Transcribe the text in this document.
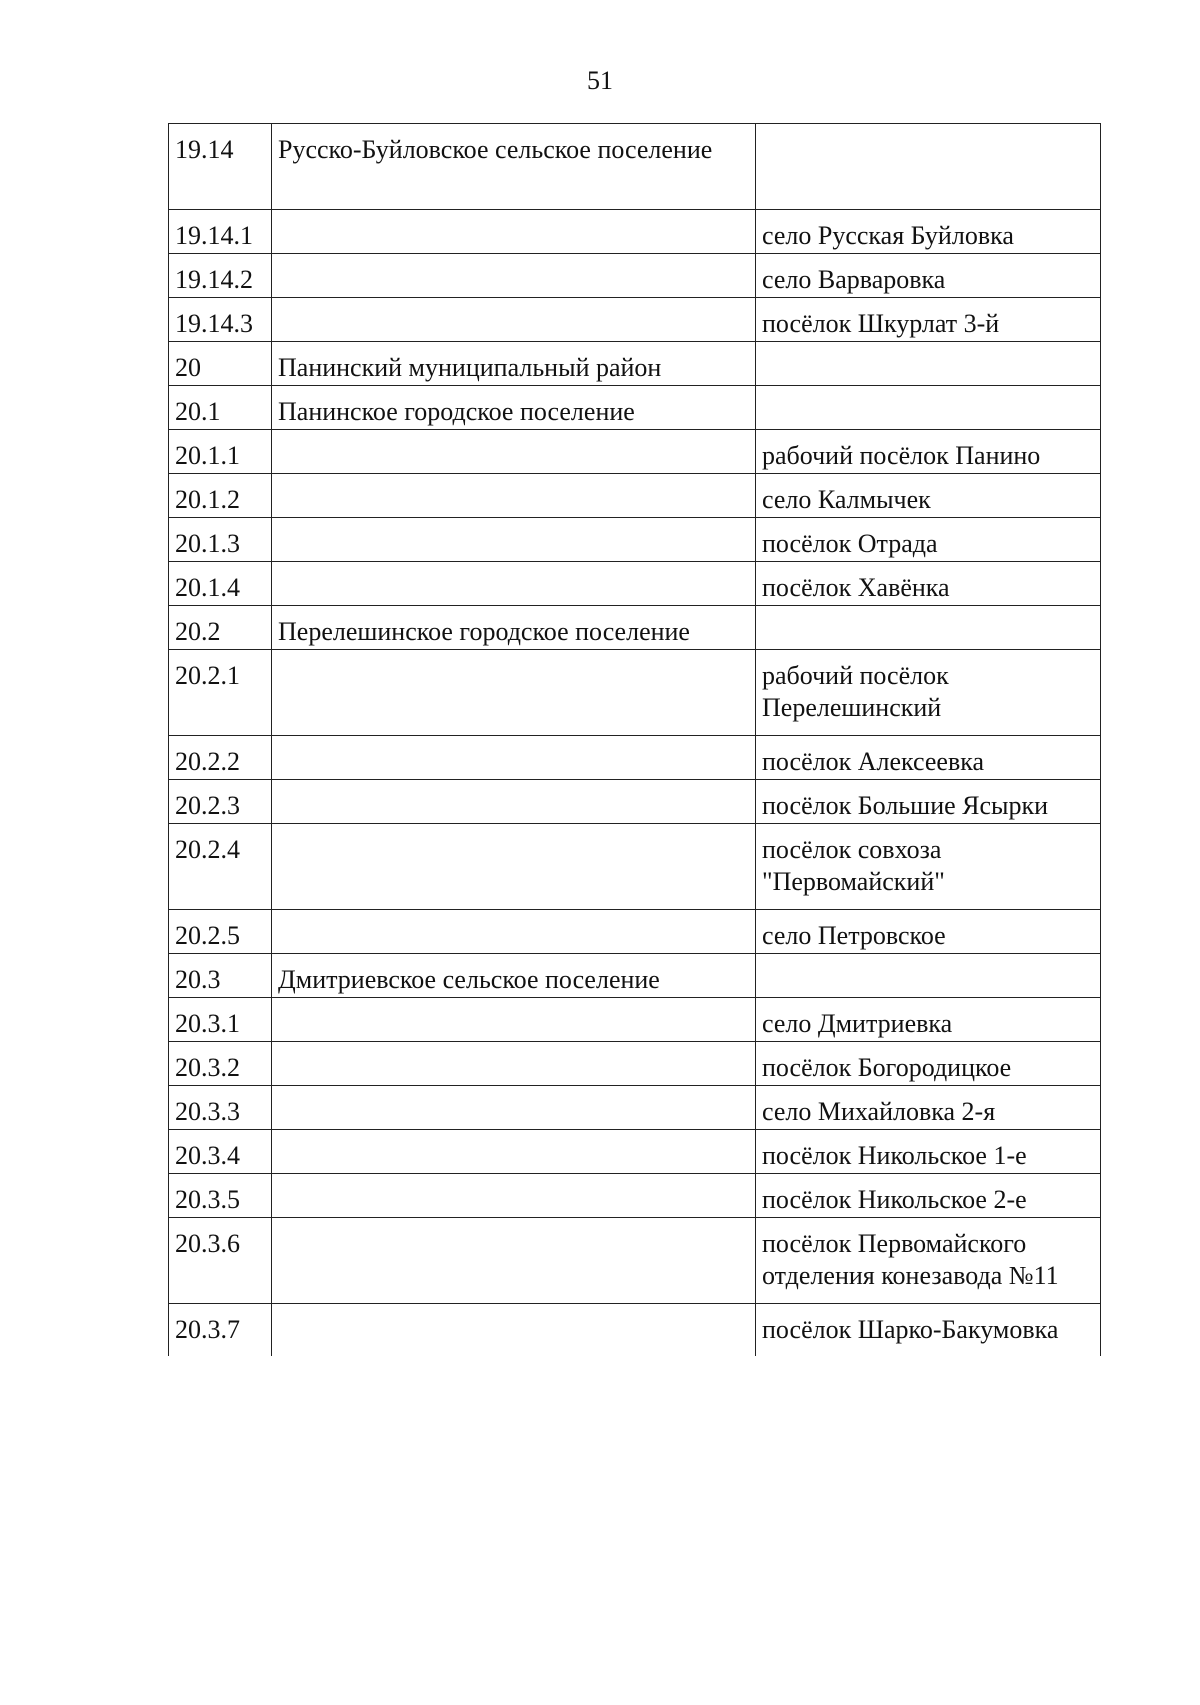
51
19.14	Русско-Буйловское сельское поселение	
19.14.1		село Русская Буйловка
19.14.2		село Варваровка
19.14.3		посёлок Шкурлат 3-й
20	Панинский муниципальный район	
20.1	Панинское городское поселение	
20.1.1		рабочий посёлок Панино
20.1.2		село Калмычек
20.1.3		посёлок Отрада
20.1.4		посёлок Хавёнка
20.2	Перелешинское городское поселение	
20.2.1		рабочий посёлок Перелешинский
20.2.2		посёлок Алексеевка
20.2.3		посёлок Большие Ясырки
20.2.4		посёлок совхоза "Первомайский"
20.2.5		село Петровское
20.3	Дмитриевское сельское поселение	
20.3.1		село Дмитриевка
20.3.2		посёлок Богородицкое
20.3.3		село Михайловка 2-я
20.3.4		посёлок Никольское 1-е
20.3.5		посёлок Никольское 2-е
20.3.6		посёлок Первомайского отделения конезавода №11
20.3.7		посёлок Шарко-Бакумовка
